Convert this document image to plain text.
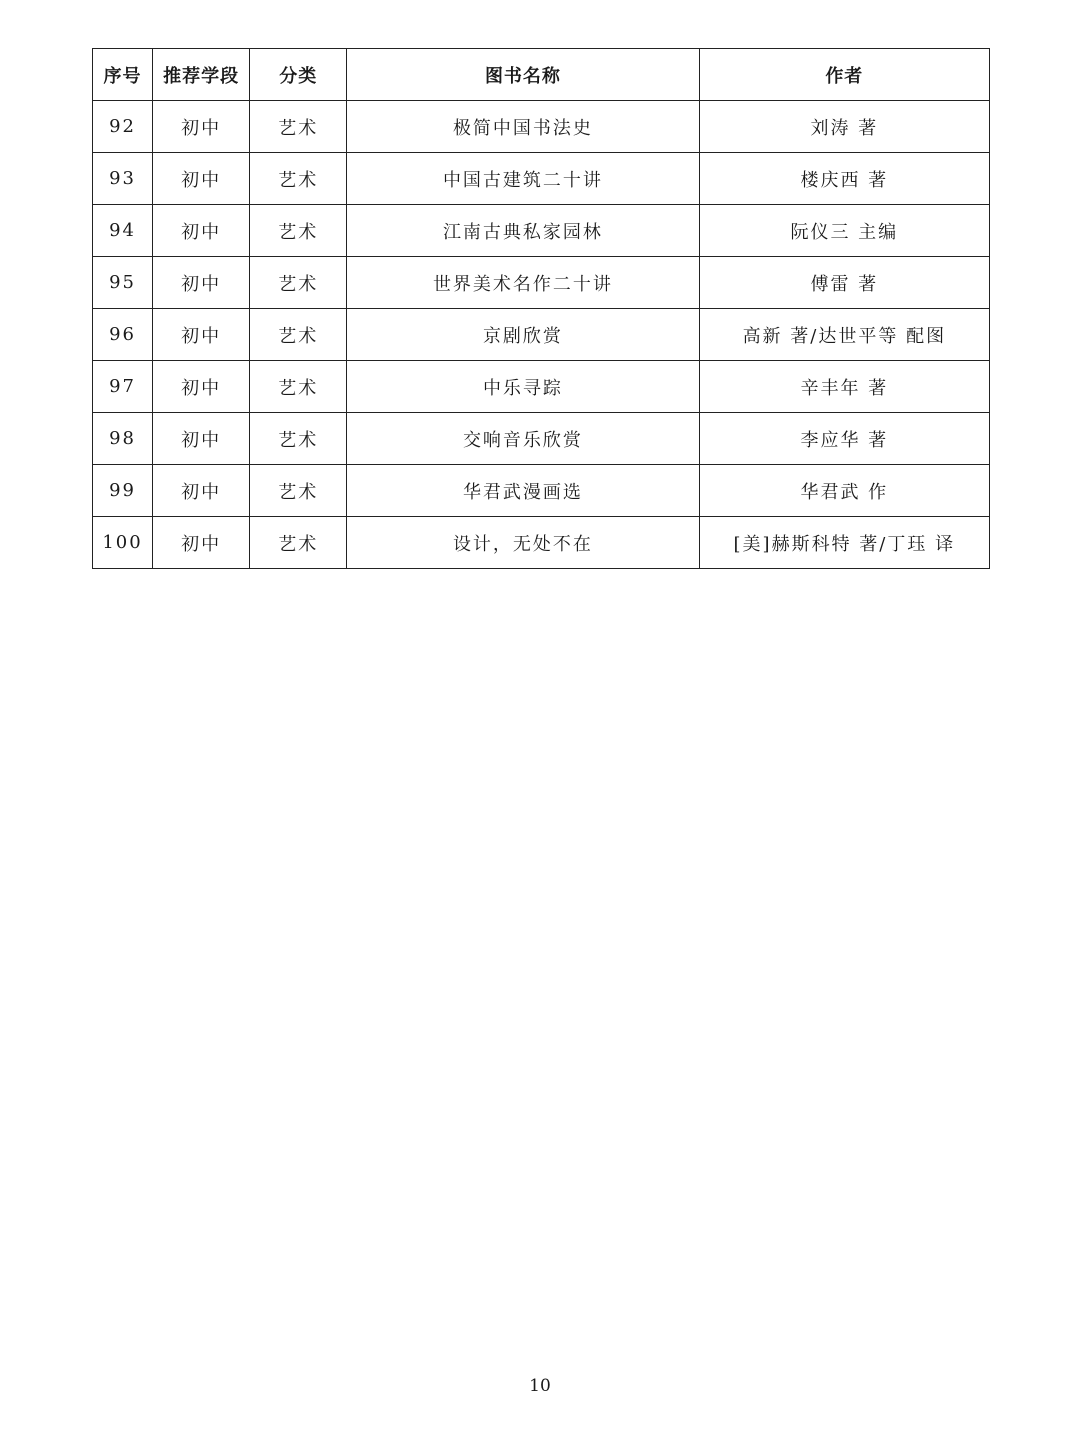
序号	推荐学段	分类	图书名称	作者
92	初中	艺术	极简中国书法史	刘涛 著
93	初中	艺术	中国古建筑二十讲	楼庆西 著
94	初中	艺术	江南古典私家园林	阮仪三 主编
95	初中	艺术	世界美术名作二十讲	傅雷 著
96	初中	艺术	京剧欣赏	高新 著/达世平等 配图
97	初中	艺术	中乐寻踪	辛丰年 著
98	初中	艺术	交响音乐欣赏	李应华 著
99	初中	艺术	华君武漫画选	华君武 作
100	初中	艺术	设计，无处不在	[美]赫斯科特 著/丁珏 译
10
